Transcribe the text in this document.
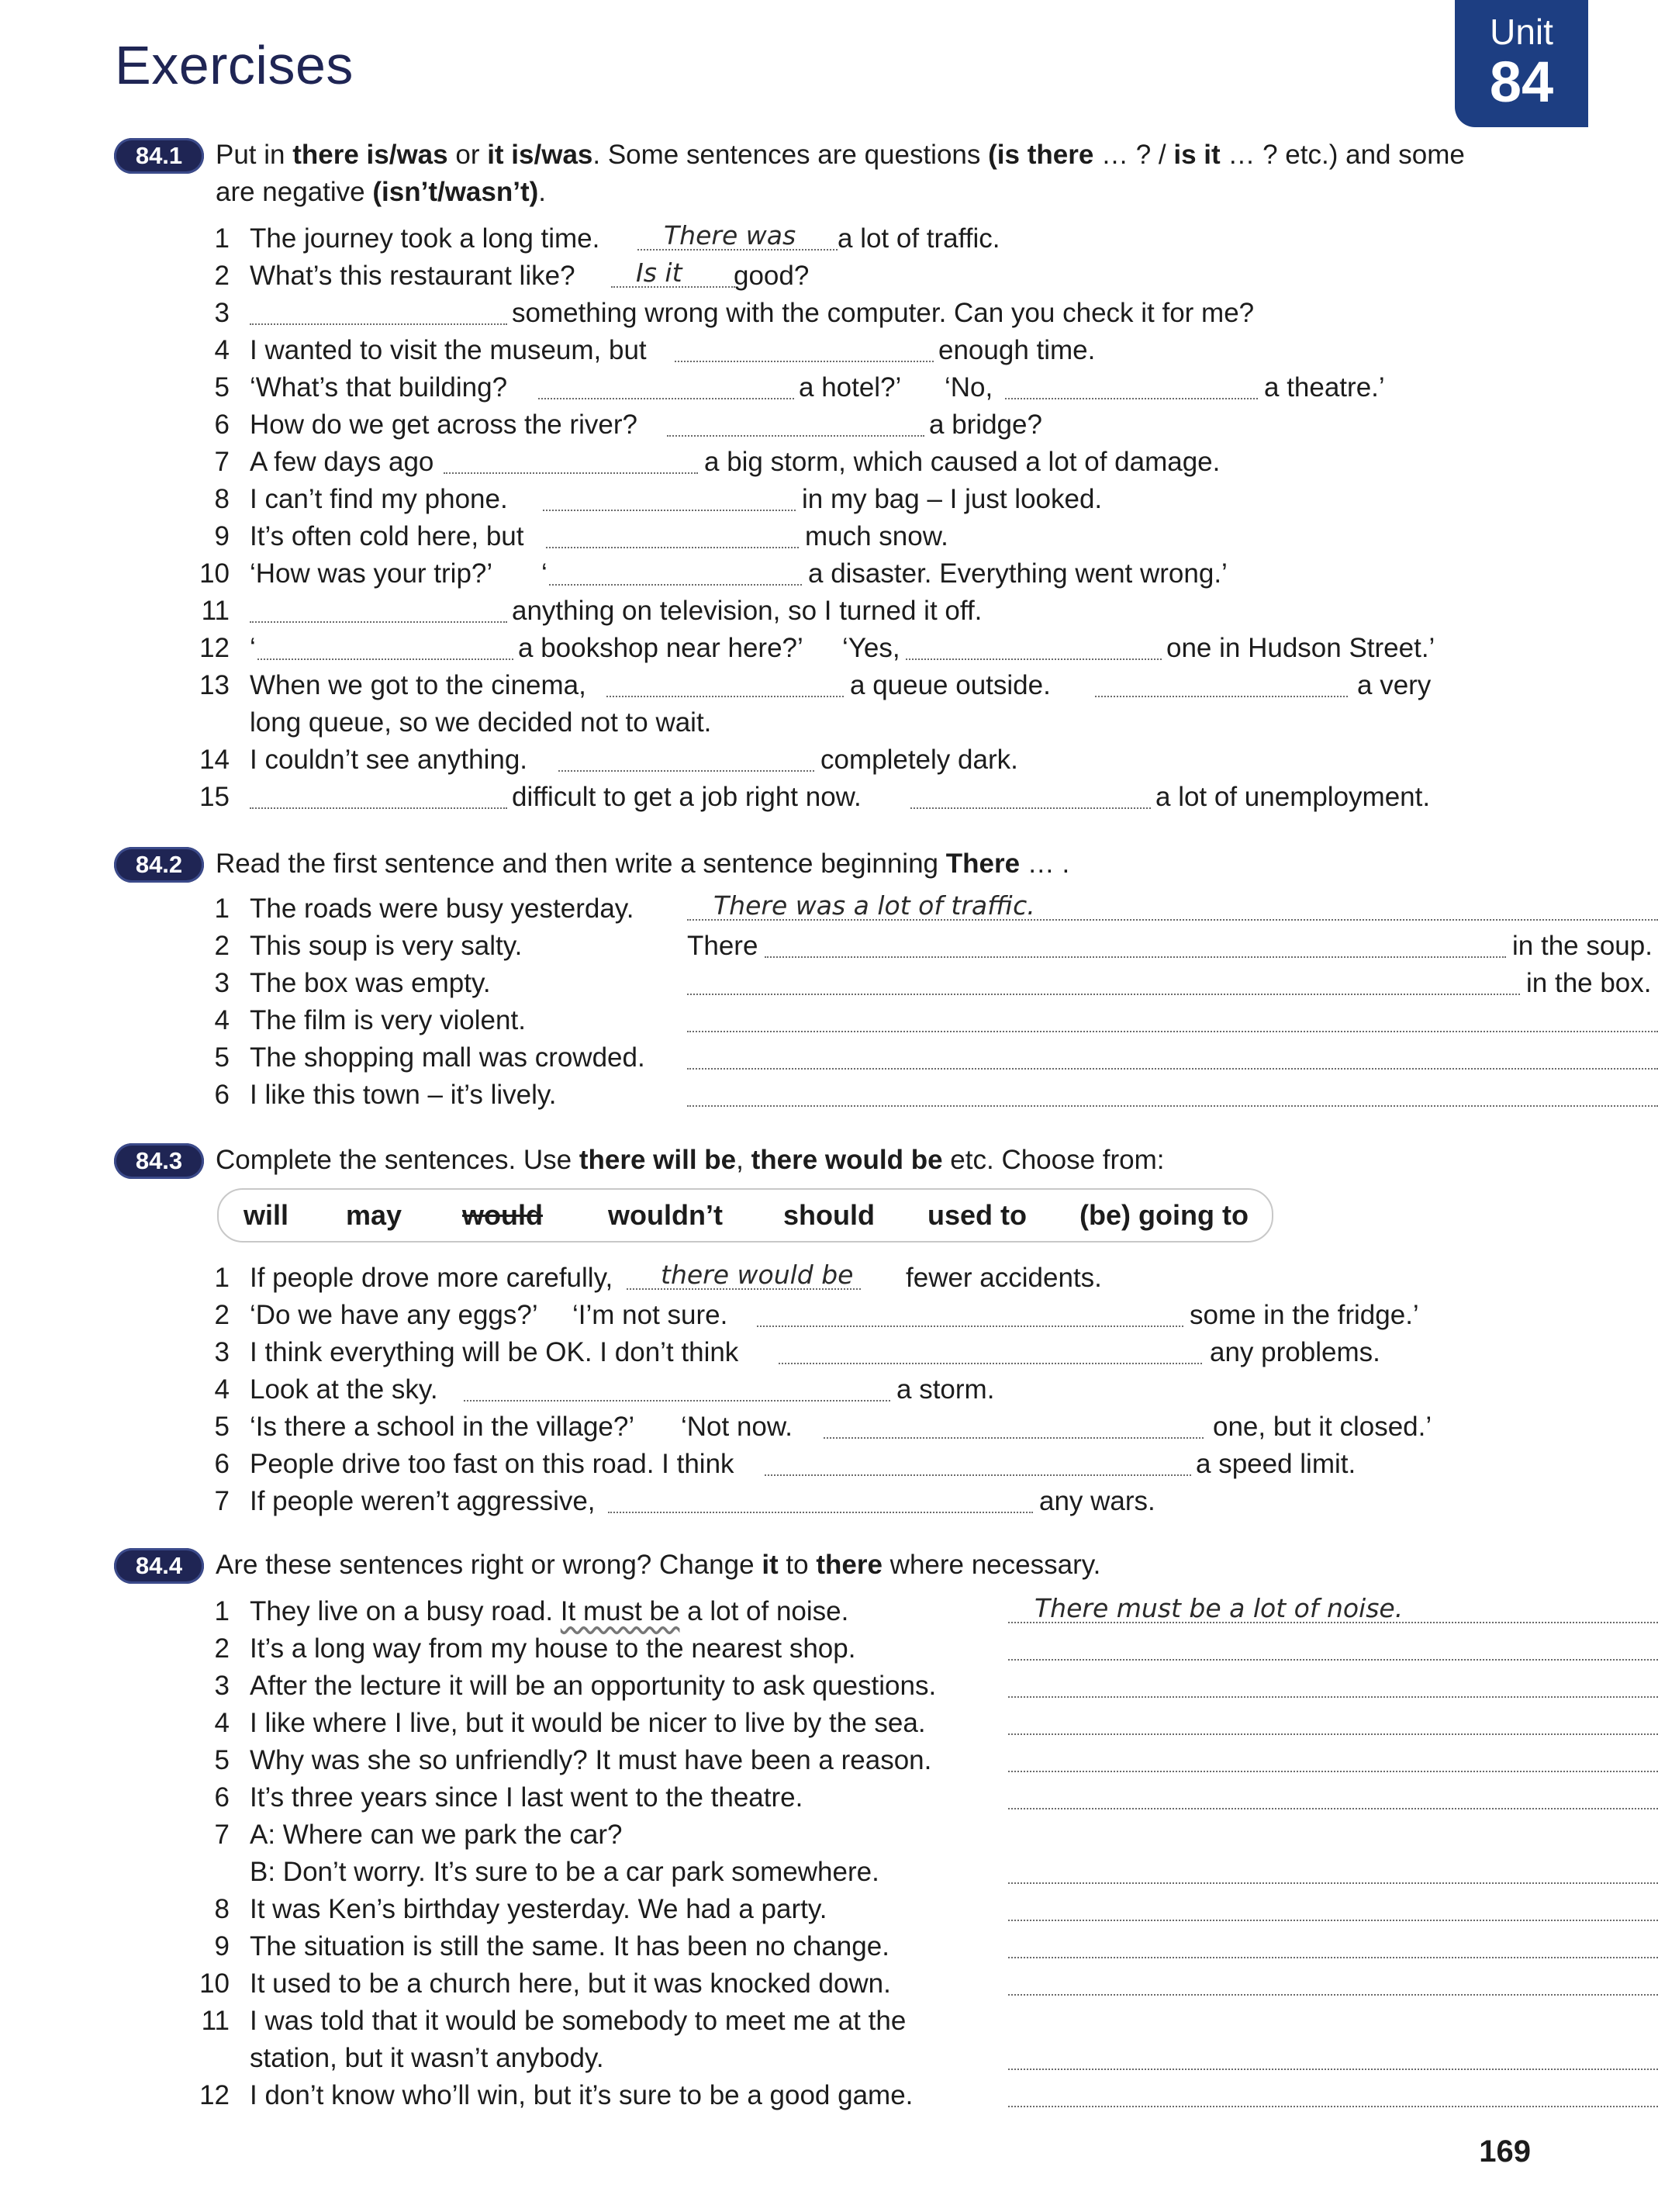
Exercises
Unit
84
84.1	Put in there is/was or it is/was. Some sentences are questions (is there … ? / is it … ? etc.) and some are negative (isn’t/wasn’t).
1 The journey took a long time.	There was a lot of traffic.
2 What’s this restaurant like? Is it good?
3	something wrong with the computer. Can you check it for me?
4 I wanted to visit the museum, but	enough time.
5 ‘What’s that building?	a hotel?’ ‘No,	a theatre.’
6 How do we get across the river?	a bridge?
7 A few days ago	a big storm, which caused a lot of damage.
8 I can’t find my phone.	in my bag – I just looked.
9 It’s often cold here, but	much snow.
10 ‘How was your trip?’ ‘	a disaster. Everything went wrong.’
11	anything on television, so I turned it off.
12 ‘	a bookshop near here?’ ‘Yes,	one in Hudson Street.’
13 When we got to the cinema,	a queue outside.	a very
long queue, so we decided not to wait.
14 I couldn’t see anything.	completely dark.
15	difficult to get a job right now.	a lot of unemployment.
84.2	Read the first sentence and then write a sentence beginning There … .
1 The roads were busy yesterday.	There was a lot of traffic.
2 This soup is very salty.	There	in the soup.
3 The box was empty.	in the box.
4 The film is very violent.
5 The shopping mall was crowded.
6 I like this town – it’s lively.
84.3	Complete the sentences. Use there will be, there would be etc. Choose from:
will may would wouldn’t should used to (be) going to
1 If people drove more carefully, there would be fewer accidents.
2 ‘Do we have any eggs?’ ‘I’m not sure.	some in the fridge.’
3 I think everything will be OK. I don’t think	any problems.
4 Look at the sky.	a storm.
5 ‘Is there a school in the village?’ ‘Not now.	one, but it closed.’
6 People drive too fast on this road. I think	a speed limit.
7 If people weren’t aggressive,	any wars.
84.4	Are these sentences right or wrong? Change it to there where necessary.
1 They live on a busy road. It must be a lot of noise.	There must be a lot of noise.
2 It’s a long way from my house to the nearest shop.
3 After the lecture it will be an opportunity to ask questions.
4 I like where I live, but it would be nicer to live by the sea.
5 Why was she so unfriendly? It must have been a reason.
6 It’s three years since I last went to the theatre.
7 A: Where can we park the car?
B: Don’t worry. It’s sure to be a car park somewhere.
8 It was Ken’s birthday yesterday. We had a party.
9 The situation is still the same. It has been no change.
10 It used to be a church here, but it was knocked down.
11 I was told that it would be somebody to meet me at the
station, but it wasn’t anybody.
12 I don’t know who’ll win, but it’s sure to be a good game.
169
